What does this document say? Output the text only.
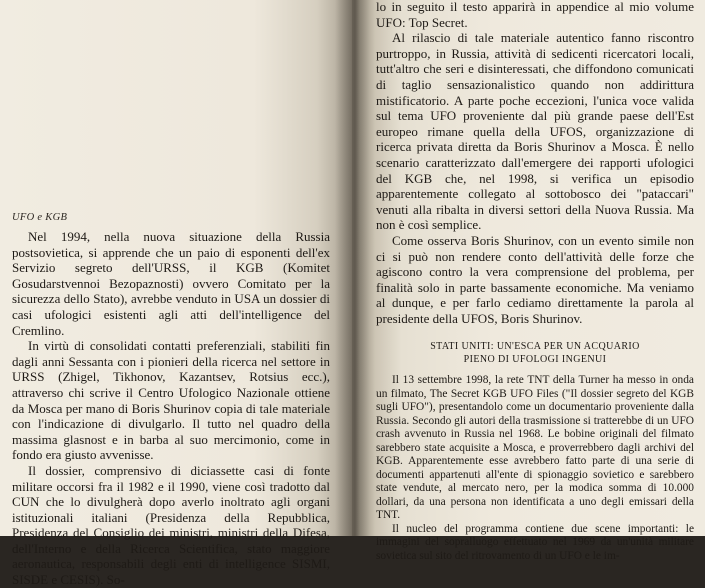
UFO e KGB

Nel 1994, nella nuova situazione della Russia postsovietica, si apprende che un paio di esponenti dell'ex Servizio segreto dell'URSS, il KGB (Komitet Gosudarstvennoi Bezopaznosti) ovvero Comitato per la sicurezza dello Stato), avrebbe venduto in USA un dossier di casi ufologici esistenti agli atti dell'intelligence del Cremlino.

In virtù di consolidati contatti preferenziali, stabiliti fin dagli anni Sessanta con i pionieri della ricerca nel settore in URSS (Zhigel, Tikhonov, Kazantsev, Rotsius ecc.), attraverso chi scrive il Centro Ufologico Nazionale ottiene da Mosca per mano di Boris Shurinov copia di tale materiale con l'indicazione di divulgarlo. Il tutto nel quadro della massima glasnost e in barba al suo mercimonio, come in fondo era giusto avvenisse.

Il dossier, comprensivo di diciassette casi di fonte militare occorsi fra il 1982 e il 1990, viene così tradotto dal CUN che lo divulgherà dopo averlo inoltrato agli organi istituzionali italiani (Presidenza della Repubblica, Presidenza del Consiglio dei ministri, ministri della Difesa, dell'Interno e della Ricerca Scientifica, stato maggiore aeronautica, responsabili degli enti di intelligence SISMI, SISDE e CESIS). So-

lo in seguito il testo apparirà in appendice al mio volume UFO: Top Secret.

Al rilascio di tale materiale autentico fanno riscontro purtroppo, in Russia, attività di sedicenti ricercatori locali, tutt'altro che seri e disinteressati, che diffondono comunicati di taglio sensazionalistico quando non addirittura mistificatorio. A parte poche eccezioni, l'unica voce valida sul tema UFO proveniente dal più grande paese dell'Est europeo rimane quella della UFOS, organizzazione di ricerca privata diretta da Boris Shurinov a Mosca. È nello scenario caratterizzato dall'emergere dei rapporti ufologici del KGB che, nel 1998, si verifica un episodio apparentemente collegato al sottobosco dei "pataccari" venuti alla ribalta in diversi settori della Nuova Russia. Ma non è così semplice.

Come osserva Boris Shurinov, con un evento simile non ci si può non rendere conto dell'attività delle forze che agiscono contro la vera comprensione del problema, per finalità solo in parte bassamente economiche. Ma veniamo al dunque, e per farlo cediamo direttamente la parola al presidente della UFOS, Boris Shurinov.

STATI UNITI: UN'ESCA PER UN ACQUARIO
PIENO DI UFOLOGI INGENUI

Il 13 settembre 1998, la rete TNT della Turner ha messo in onda un filmato, The Secret KGB UFO Files ("Il dossier segreto del KGB sugli UFO"), presentandolo come un documentario proveniente dalla Russia. Secondo gli autori della trasmissione si tratterebbe di un UFO crash avvenuto in Russia nel 1968. Le bobine originali del filmato sarebbero state acquisite a Mosca, e proverrebbero dagli archivi del KGB. Apparentemente esse avrebbero fatto parte di una serie di documenti appartenuti all'ente di spionaggio sovietico e sarebbero state vendute, al mercato nero, per la modica somma di 10.000 dollari, da una persona non identificata a uno degli emissari della TNT.

Il nucleo del programma contiene due scene importanti: le immagini del sopralluogo effettuato nel 1969 da un'unità militare sovietica sul sito del ritrovamento di un UFO e le im-
